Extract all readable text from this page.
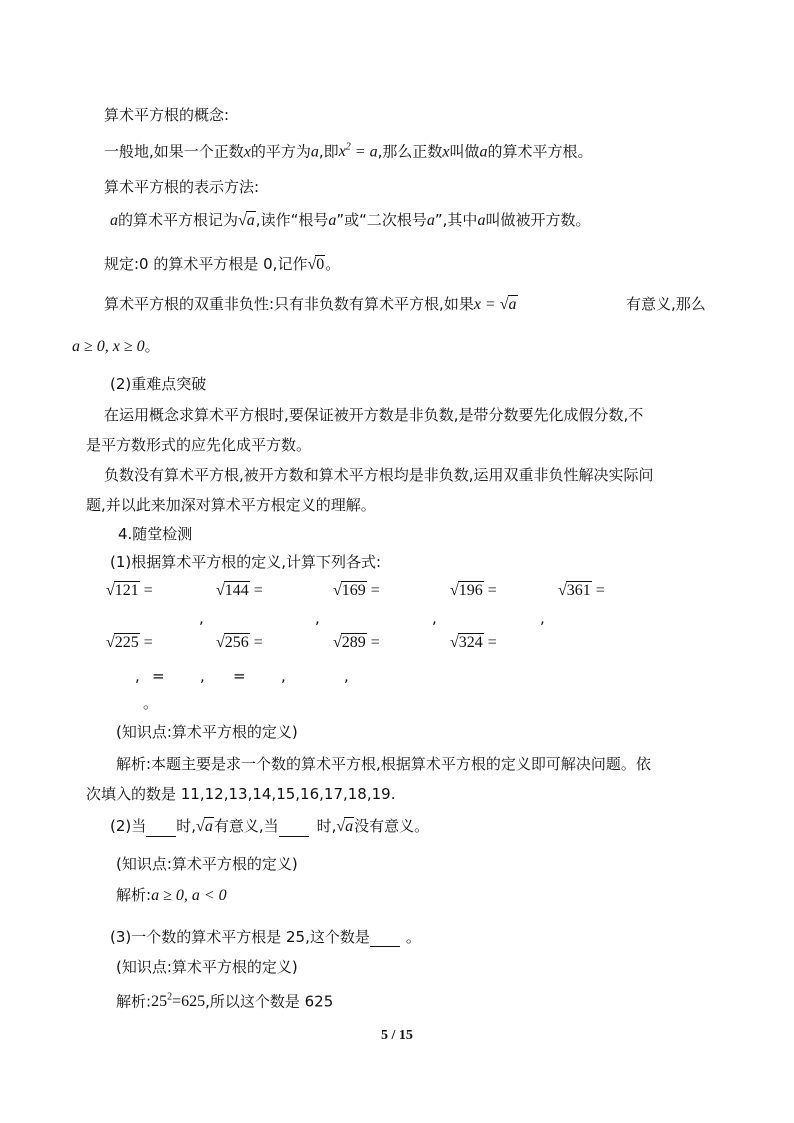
算术平方根的概念:
一般地,如果一个正数x的平方为a,即$x^2 = a$,那么正数x叫做a的算术平方根。
算术平方根的表示方法:
a的算术平方根记为√a,读作“根号a”或“二次根号a”,其中a叫做被开方数。
规定:0 的算术平方根是 0,记作√0。
算术平方根的双重非负性:只有非负数有算术平方根,如果x = √a	有意义,那么
a ≥ 0, x ≥ 0。
(2)重难点突破
在运用概念求算术平方根时,要保证被开方数是非负数,是带分数要先化成假分数,不
是平方数形式的应先化成平方数。
负数没有算术平方根,被开方数和算术平方根均是非负数,运用双重非负性解决实际问
题,并以此来加深对算术平方根定义的理解。
4.随堂检测
(1)根据算术平方根的定义,计算下列各式:
√121 =	√144 =	√169 =	√196 =	√361 =
,	,	,	,
√225 =	√256 =	√289 =	√324 =
, = , = ,	,
。
(知识点:算术平方根的定义)
解析:本题主要是求一个数的算术平方根,根据算术平方根的定义即可解决问题。依
次填入的数是 11,12,13,14,15,16,17,18,19.
(2)当 时,√a有意义,当	时,√a没有意义。
(知识点:算术平方根的定义)
解析:a ≥ 0, a < 0
(3)一个数的算术平方根是 25,这个数是 。
(知识点:算术平方根的定义)
解析$:25^2=625$,所以这个数是 625
5 / 15
